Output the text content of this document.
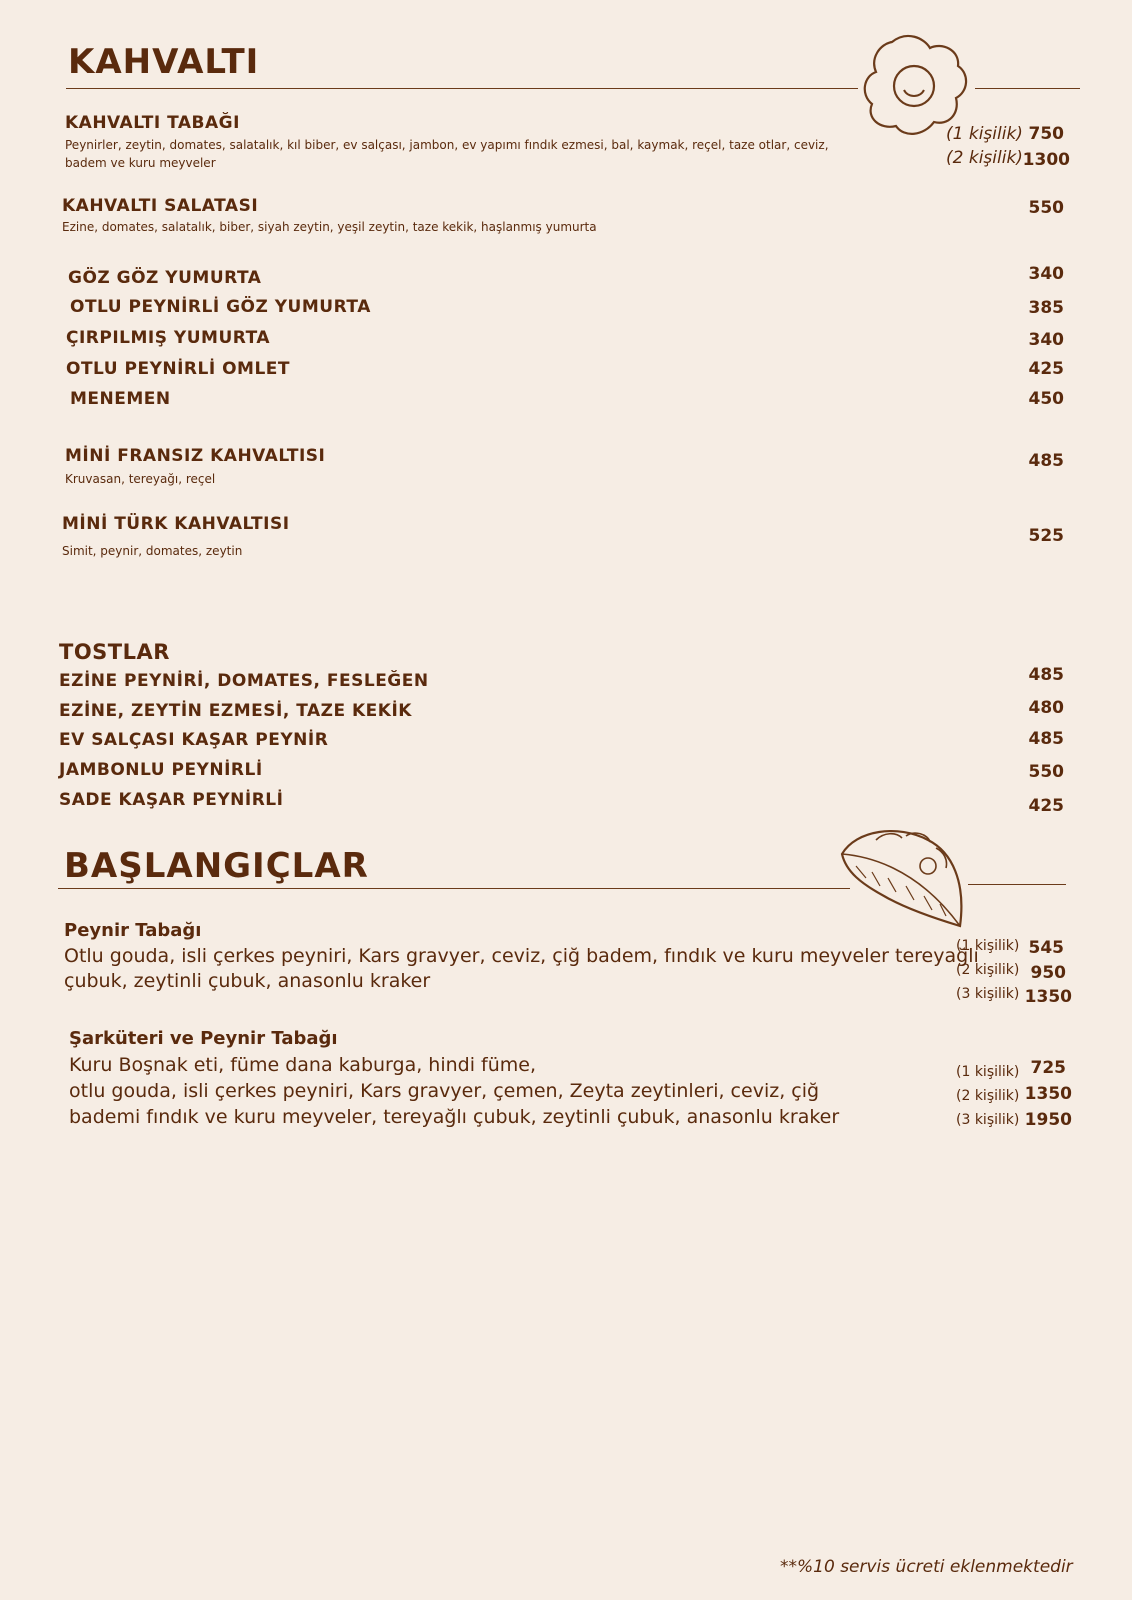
KAHVALTI
KAHVALTI TABAĞI
Peynirler, zeytin, domates, salatalık, kıl biber, ev salçası, jambon, ev yapımı fındık ezmesi, bal, kaymak, reçel, taze otlar, ceviz, badem ve kuru meyveler
(1 kişilik) 750
(2 kişilik) 1300
KAHVALTI SALATASI
Ezine, domates, salatalık, biber, siyah zeytin, yeşil zeytin, taze kekik, haşlanmış yumurta
550
GÖZ GÖZ YUMURTA	340
OTLU PEYNİRLİ GÖZ YUMURTA	385
ÇIRPILMIŞ YUMURTA	340
OTLU PEYNİRLİ OMLET	425
MENEMEN	450
MİNİ FRANSIZ KAHVALTISI
Kruvasan, tereyağı, reçel
485
MİNİ TÜRK KAHVALTISI
Simit, peynir, domates, zeytin
525
TOSTLAR
EZİNE PEYNİRİ, DOMATES, FESLEĞEN	485
EZİNE, ZEYTİN EZMESİ, TAZE KEKİK	480
EV SALÇASI KAŞAR PEYNİR	485
JAMBONLU PEYNİRLİ	550
SADE KAŞAR PEYNİRLİ	425
BAŞLANGIÇLAR
Peynir Tabağı
Otlu gouda, isli çerkes peyniri, Kars gravyer, ceviz, çiğ badem, fındık ve kuru meyveler tereyağlı
çubuk, zeytinli çubuk, anasonlu kraker
(1 kişilik) 545
(2 kişilik) 950
(3 kişilik) 1350
Şarküteri ve Peynir Tabağı
Kuru Boşnak eti, füme dana kaburga, hindi füme,
otlu gouda, isli çerkes peyniri, Kars gravyer, çemen, Zeyta zeytinleri, ceviz, çiğ
bademi fındık ve kuru meyveler, tereyağlı çubuk, zeytinli çubuk, anasonlu kraker
(1 kişilik) 725
(2 kişilik) 1350
(3 kişilik) 1950
**%10 servis ücreti eklenmektedir
